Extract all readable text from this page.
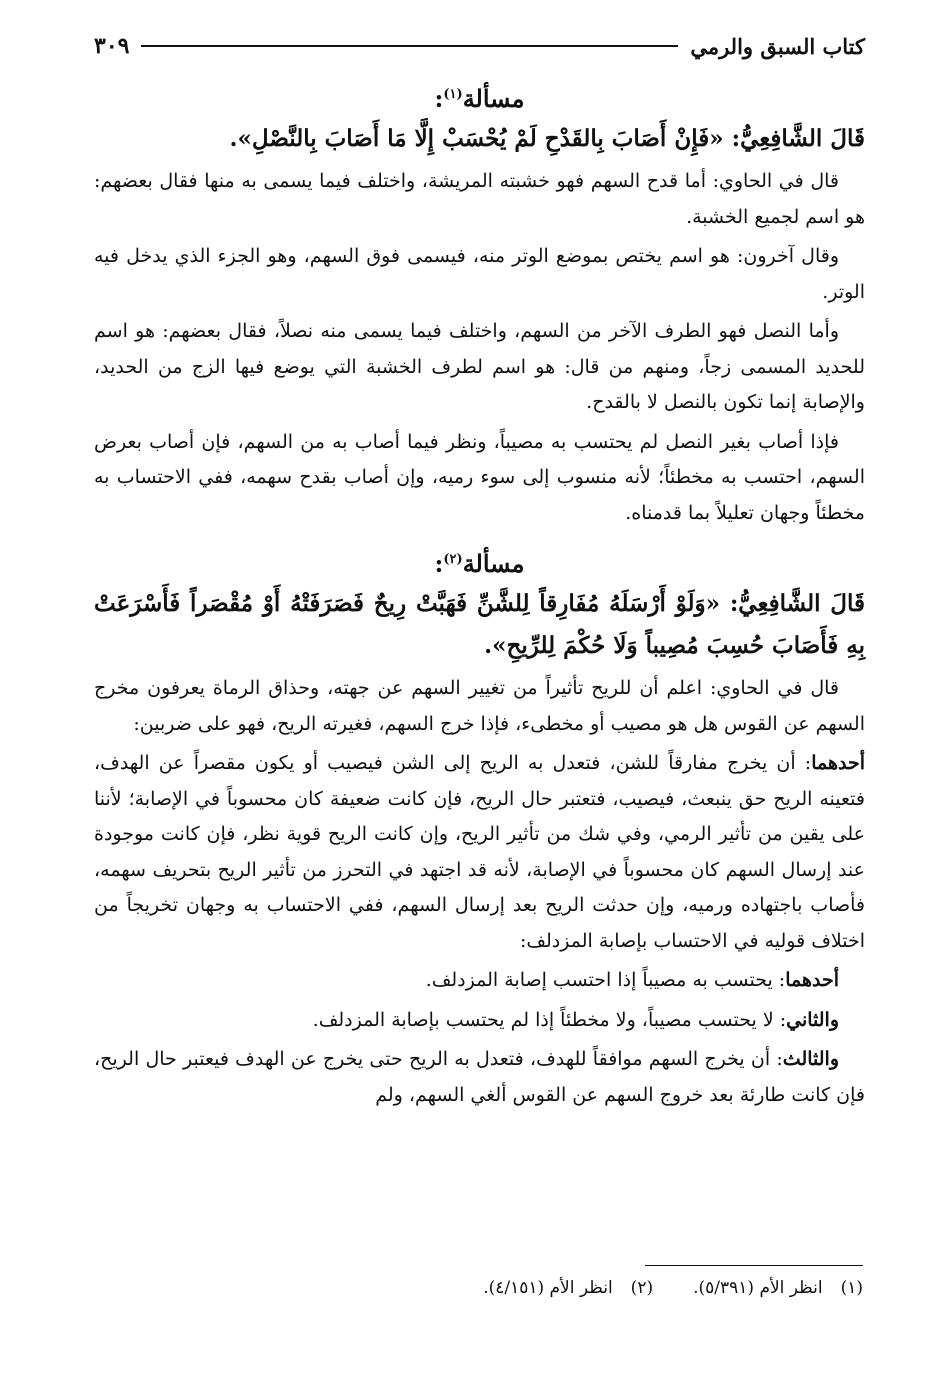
كتاب السبق والرمي
٣٠٩
مسألة$^{(١)}$:

قَالَ الشَّافِعِيُّ: «فَإِنْ أَصَابَ بِالقَدْحِ لَمْ يُحْسَبْ إِلَّا مَا أَصَابَ بِالنَّصْلِ».

قال في الحاوي: أما قدح السهم فهو خشبته المريشة، واختلف فيما يسمى به منها فقال بعضهم: هو اسم لجميع الخشبة.

وقال آخرون: هو اسم يختص بموضع الوتر منه، فيسمى فوق السهم، وهو الجزء الذي يدخل فيه الوتر.

وأما النصل فهو الطرف الآخر من السهم، واختلف فيما يسمى منه نصلاً، فقال بعضهم: هو اسم للحديد المسمى زجاً، ومنهم من قال: هو اسم لطرف الخشبة التي يوضع فيها الزج من الحديد، والإصابة إنما تكون بالنصل لا بالقدح.

فإذا أصاب بغير النصل لم يحتسب به مصيباً، ونظر فيما أصاب به من السهم، فإن أصاب بعرض السهم، احتسب به مخطئاً؛ لأنه منسوب إلى سوء رميه، وإن أصاب بقدح سهمه، ففي الاحتساب به مخطئاً وجهان تعليلاً بما قدمناه.

مسألة$^{(٢)}$:

قَالَ الشَّافِعِيُّ: «وَلَوْ أَرْسَلَهُ مُفَارِقاً لِلشَّنِّ فَهَبَّتْ رِيحٌ فَصَرَفَتْهُ أَوْ مُقْصَراً فَأَسْرَعَتْ بِهِ فَأَصَابَ حُسِبَ مُصِيباً وَلَا حُكْمَ لِلرِّيحِ».

قال في الحاوي: اعلم أن للريح تأثيراً من تغيير السهم عن جهته، وحذاق الرماة يعرفون مخرج السهم عن القوس هل هو مصيب أو مخطىء، فإذا خرج السهم، فغيرته الريح، فهو على ضربين:

أحدهما: أن يخرج مفارقاً للشن، فتعدل به الريح إلى الشن فيصيب أو يكون مقصراً عن الهدف، فتعينه الريح حق ينبعث، فيصيب، فتعتبر حال الريح، فإن كانت ضعيفة كان محسوباً في الإصابة؛ لأننا على يقين من تأثير الرمي، وفي شك من تأثير الريح، وإن كانت الريح قوية نظر، فإن كانت موجودة عند إرسال السهم كان محسوباً في الإصابة، لأنه قد اجتهد في التحرز من تأثير الريح بتحريف سهمه، فأصاب باجتهاده ورميه، وإن حدثت الريح بعد إرسال السهم، ففي الاحتساب به وجهان تخريجاً من اختلاف قوليه في الاحتساب بإصابة المزدلف:

أحدهما: يحتسب به مصيباً إذا احتسب إصابة المزدلف.

والثاني: لا يحتسب مصيباً، ولا مخطئاً إذا لم يحتسب بإصابة المزدلف.

والثالث: أن يخرج السهم موافقاً للهدف، فتعدل به الريح حتى يخرج عن الهدف فيعتبر حال الريح، فإن كانت طارئة بعد خروج السهم عن القوس ألغي السهم، ولم

(١)انظر الأم (٥/٣٩١).
(٢)انظر الأم (٤/١٥١).
